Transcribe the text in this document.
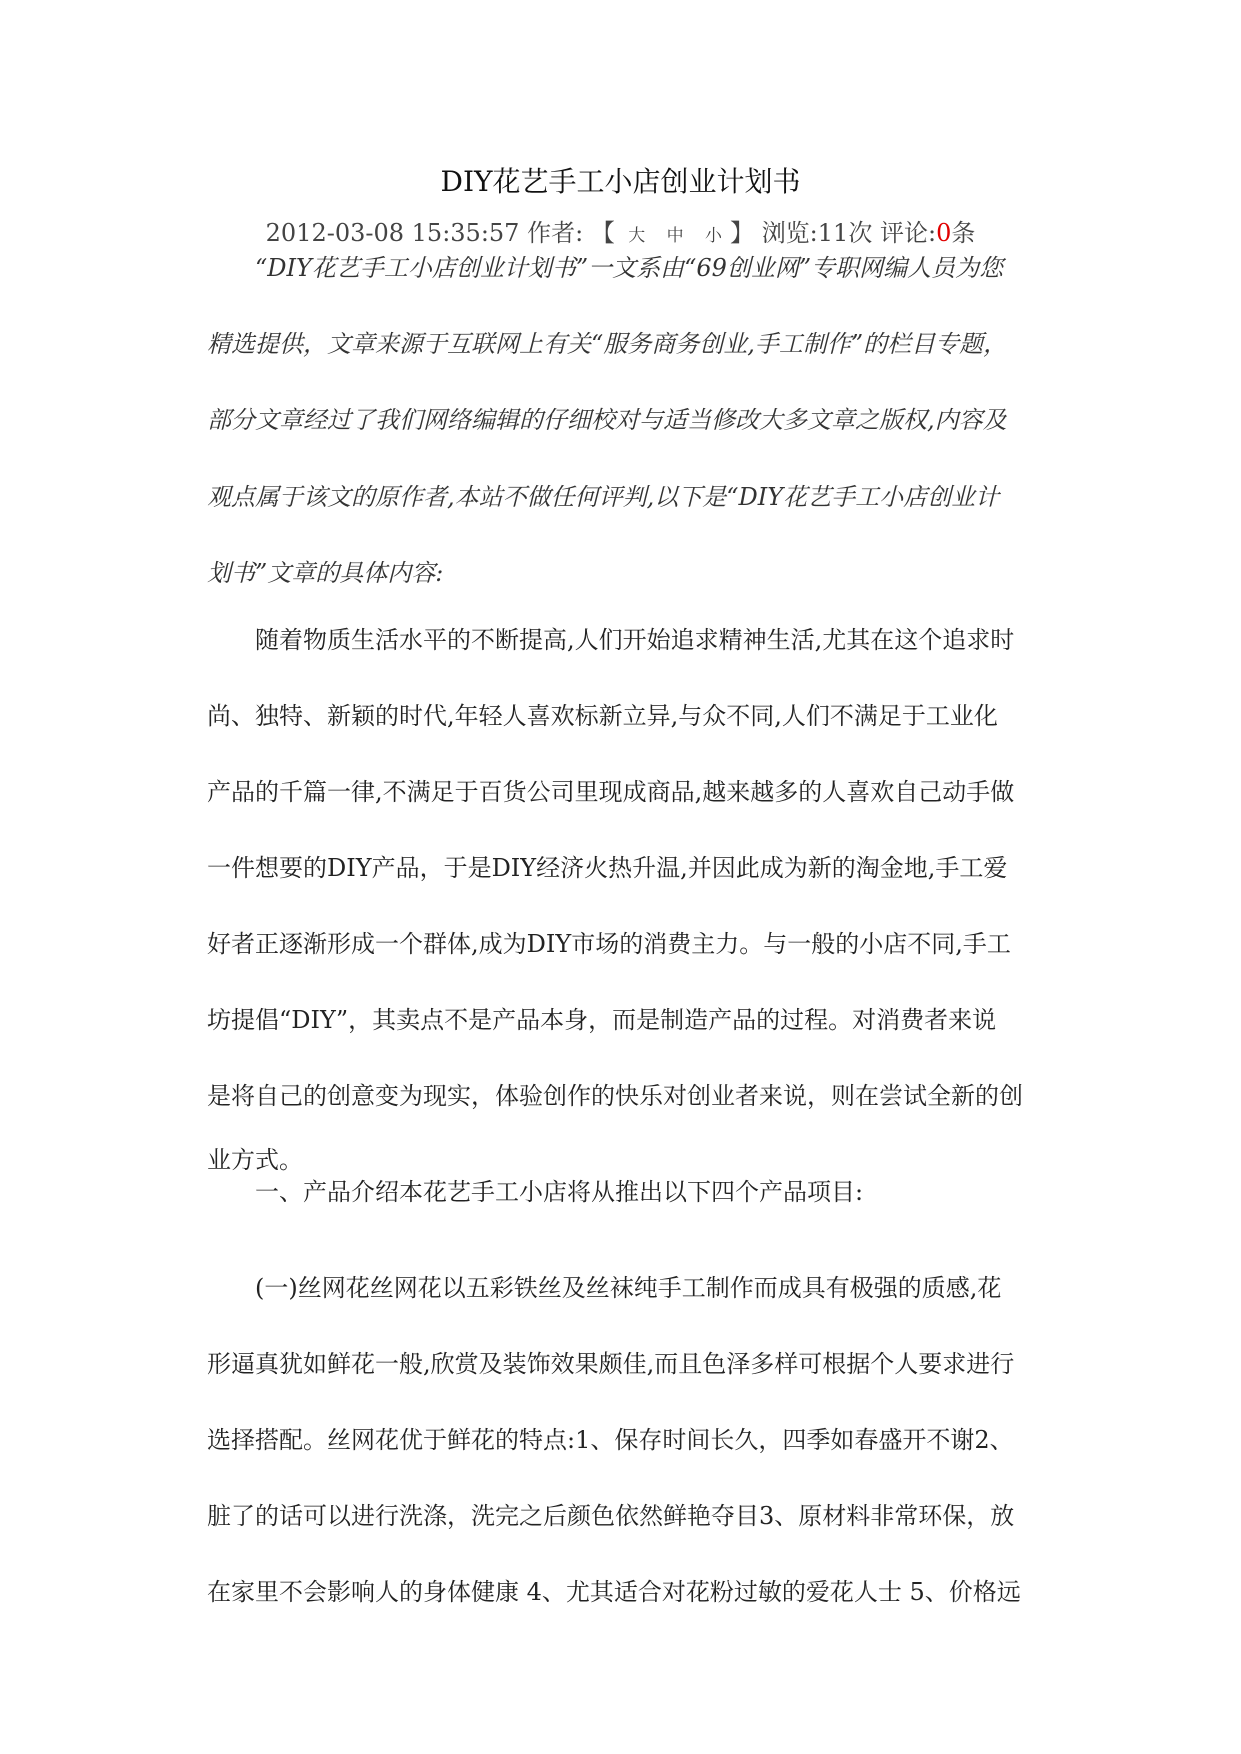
DIY花艺手工小店创业计划书
2012-03-08 15:35:57 作者: 【 大 中 小】 浏览:11次 评论:0条
“DIY花艺手工小店创业计划书”一文系由“69创业网”专职网编人员为您
精选提供，文章来源于互联网上有关“服务商务创业,手工制作”的栏目专题，
部分文章经过了我们网络编辑的仔细校对与适当修改大多文章之版权,内容及
观点属于该文的原作者,本站不做任何评判,以下是“DIY花艺手工小店创业计
划书”文章的具体内容:
随着物质生活水平的不断提高,人们开始追求精神生活,尤其在这个追求时
尚、独特、新颖的时代,年轻人喜欢标新立异,与众不同,人们不满足于工业化
产品的千篇一律,不满足于百货公司里现成商品,越来越多的人喜欢自己动手做
一件想要的DIY产品，于是DIY经济火热升温,并因此成为新的淘金地,手工爱
好者正逐渐形成一个群体,成为DIY市场的消费主力。与一般的小店不同,手工
坊提倡“DIY”，其卖点不是产品本身，而是制造产品的过程。对消费者来说
是将自己的创意变为现实，体验创作的快乐对创业者来说，则在尝试全新的创
业方式。
一、产品介绍本花艺手工小店将从推出以下四个产品项目:
(一)丝网花丝网花以五彩铁丝及丝袜纯手工制作而成具有极强的质感,花
形逼真犹如鲜花一般,欣赏及装饰效果颇佳,而且色泽多样可根据个人要求进行
选择搭配。丝网花优于鲜花的特点:1、保存时间长久，四季如春盛开不谢2、
脏了的话可以进行洗涤，洗完之后颜色依然鲜艳夺目3、原材料非常环保，放
在家里不会影响人的身体健康 4、尤其适合对花粉过敏的爱花人士 5、价格远
